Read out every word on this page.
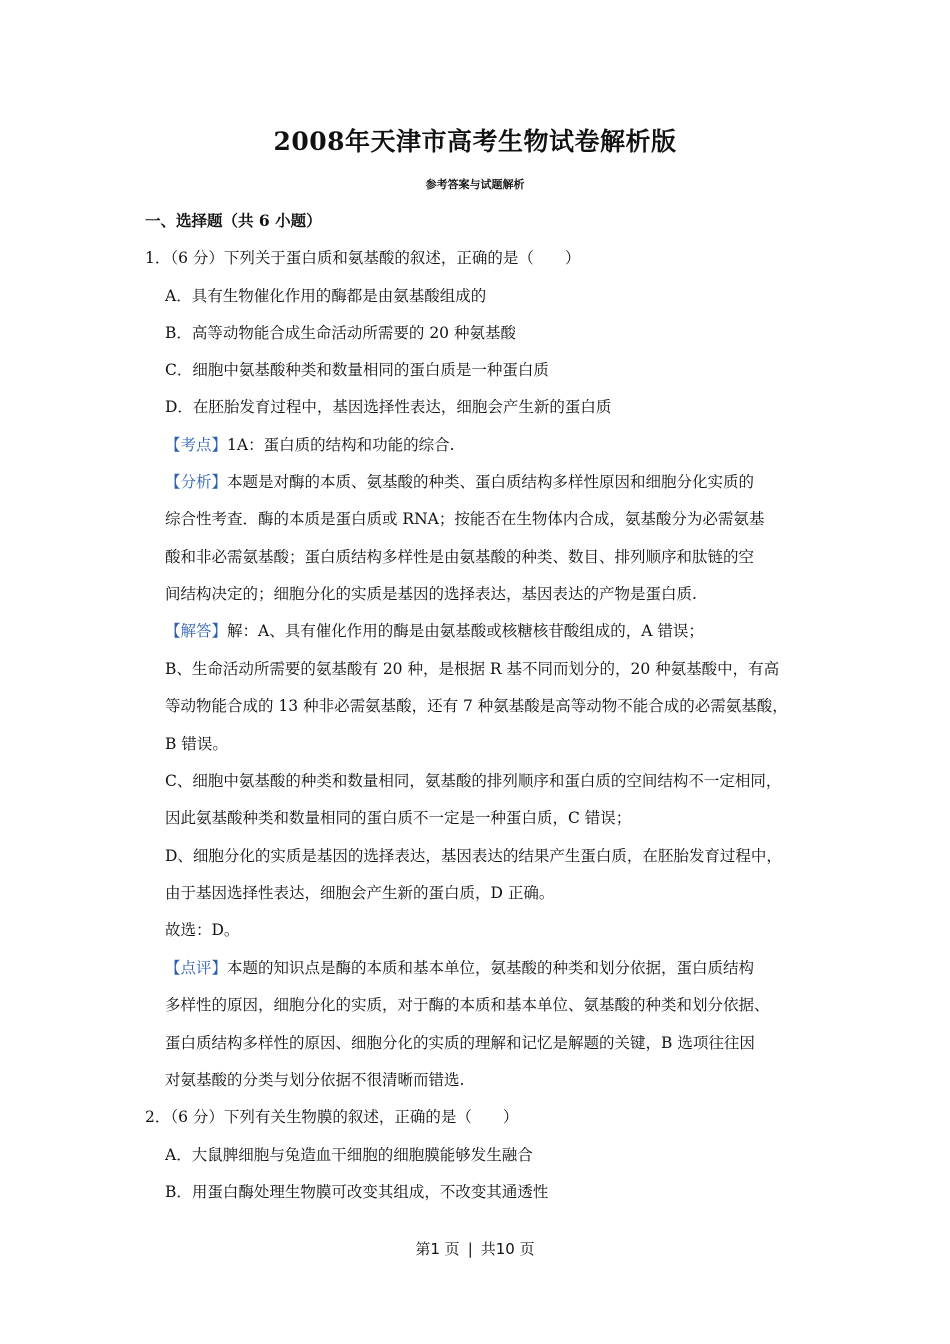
2008年天津市高考生物试卷解析版
参考答案与试题解析
一、选择题（共 6 小题）
1．（6 分）下列关于蛋白质和氨基酸的叙述，正确的是（　　）
A．具有生物催化作用的酶都是由氨基酸组成的
B．高等动物能合成生命活动所需要的 20 种氨基酸
C．细胞中氨基酸种类和数量相同的蛋白质是一种蛋白质
D．在胚胎发育过程中，基因选择性表达，细胞会产生新的蛋白质
【考点】1A：蛋白质的结构和功能的综合.
【分析】本题是对酶的本质、氨基酸的种类、蛋白质结构多样性原因和细胞分化实质的
综合性考查．酶的本质是蛋白质或 RNA；按能否在生物体内合成，氨基酸分为必需氨基
酸和非必需氨基酸；蛋白质结构多样性是由氨基酸的种类、数目、排列顺序和肽链的空
间结构决定的；细胞分化的实质是基因的选择表达，基因表达的产物是蛋白质.
【解答】解：A、具有催化作用的酶是由氨基酸或核糖核苷酸组成的，A 错误；
B、生命活动所需要的氨基酸有 20 种，是根据 R 基不同而划分的，20 种氨基酸中，有高
等动物能合成的 13 种非必需氨基酸，还有 7 种氨基酸是高等动物不能合成的必需氨基酸，
B 错误。
C、细胞中氨基酸的种类和数量相同，氨基酸的排列顺序和蛋白质的空间结构不一定相同，
因此氨基酸种类和数量相同的蛋白质不一定是一种蛋白质，C 错误；
D、细胞分化的实质是基因的选择表达，基因表达的结果产生蛋白质，在胚胎发育过程中，
由于基因选择性表达，细胞会产生新的蛋白质，D 正确。
故选：D。
【点评】本题的知识点是酶的本质和基本单位，氨基酸的种类和划分依据，蛋白质结构
多样性的原因，细胞分化的实质，对于酶的本质和基本单位、氨基酸的种类和划分依据、
蛋白质结构多样性的原因、细胞分化的实质的理解和记忆是解题的关键，B 选项往往因
对氨基酸的分类与划分依据不很清晰而错选.
2．（6 分）下列有关生物膜的叙述，正确的是（　　）
A．大鼠脾细胞与兔造血干细胞的细胞膜能够发生融合
B．用蛋白酶处理生物膜可改变其组成，不改变其通透性
第1 页 | 共10 页
